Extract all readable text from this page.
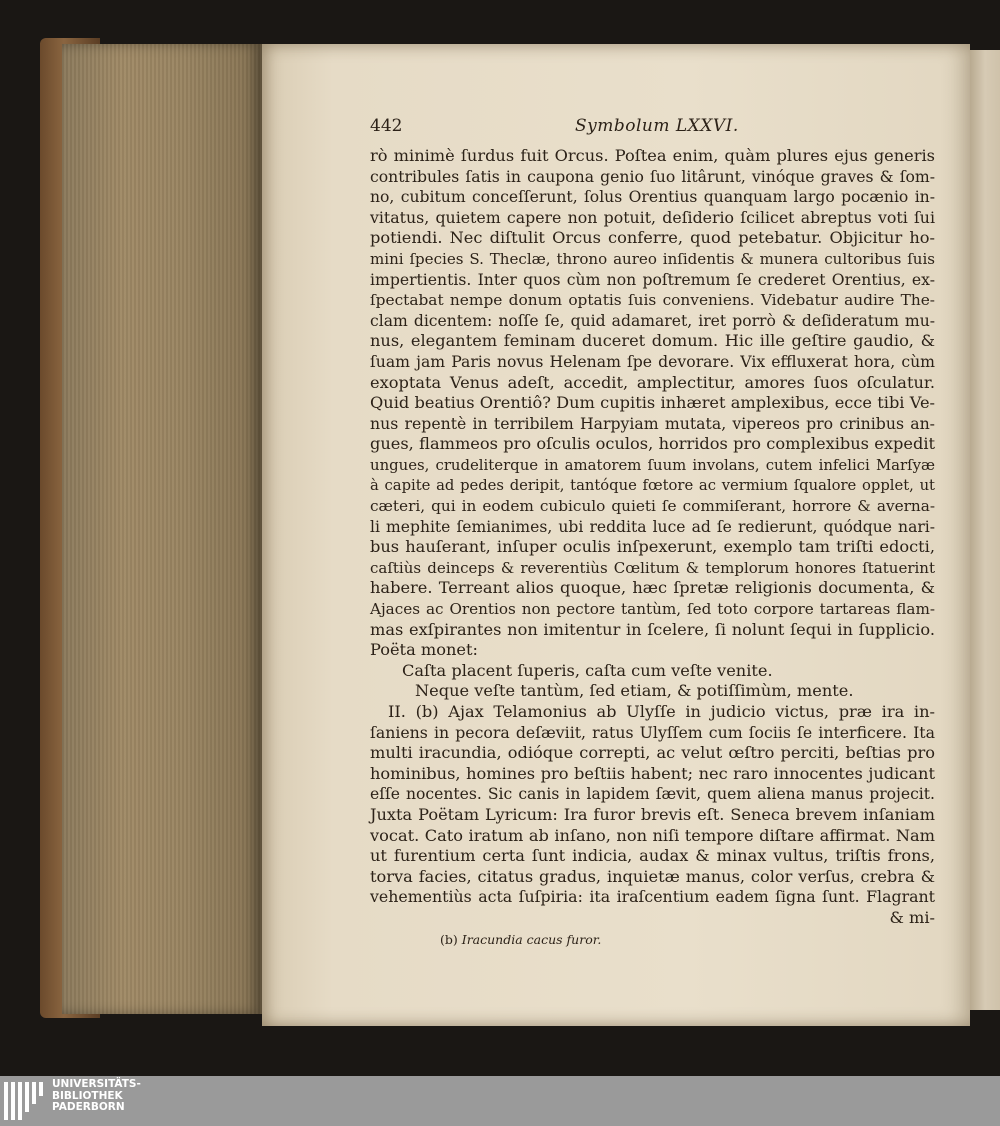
442	Symbolum LXXVI.
rò minimè ſurdus fuit Orcus. Poſtea enim, quàm plures ejus generis
contribules ſatis in caupona genio ſuo litârunt, vinóque graves & ſom-
no, cubitum conceſſerunt, ſolus Orentius quanquam largo pocænio in-
vitatus, quietem capere non potuit, deſiderio ſcilicet abreptus voti ſui
potiendi. Nec diſtulit Orcus conferre, quod petebatur. Objicitur ho-
mini ſpecies S. Theclæ, throno aureo inſidentis & munera cultoribus ſuis
impertientis. Inter quos cùm non poſtremum ſe crederet Orentius, ex-
ſpectabat nempe donum optatis ſuis conveniens. Videbatur audire The-
clam dicentem: noſſe ſe, quid adamaret, iret porrò & deſideratum mu-
nus, elegantem feminam duceret domum. Hic ille geſtire gaudio, &
ſuam jam Paris novus Helenam ſpe devorare. Vix effluxerat hora, cùm
exoptata Venus adeſt, accedit, amplectitur, amores ſuos oſculatur.
Quid beatius Orentiô? Dum cupitis inhæret amplexibus, ecce tibi Ve-
nus repentè in terribilem Harpyiam mutata, vipereos pro crinibus an-
gues, flammeos pro oſculis oculos, horridos pro complexibus expedit
ungues, crudeliterque in amatorem ſuum involans, cutem infelici Marſyæ
à capite ad pedes deripit, tantóque fœtore ac vermium ſqualore opplet, ut
cæteri, qui in eodem cubiculo quieti ſe commiſerant, horrore & averna-
li mephite ſemianimes, ubi reddita luce ad ſe redierunt, quódque nari-
bus hauſerant, inſuper oculis inſpexerunt, exemplo tam triſti edocti,
caſtiùs deinceps & reverentiùs Cœlitum & templorum honores ſtatuerint
habere. Terreant alios quoque, hæc ſpretæ religionis documenta, &
Ajaces ac Orentios non pectore tantùm, ſed toto corpore tartareas flam-
mas exſpirantes non imitentur in ſcelere, ſi nolunt ſequi in ſupplicio.
Poëta monet:
Caſta placent ſuperis, caſta cum veſte venite.
Neque veſte tantùm, ſed etiam, & potiſſimùm, mente.
II. (b) Ajax Telamonius ab Ulyſſe in judicio victus, præ ira in-
ſaniens in pecora deſæviit, ratus Ulyſſem cum ſociis ſe interficere. Ita
multi iracundia, odióque correpti, ac velut œſtro perciti, beſtias pro
hominibus, homines pro beſtiis habent; nec raro innocentes judicant
eſſe nocentes. Sic canis in lapidem ſævit, quem aliena manus projecit.
Juxta Poëtam Lyricum: Ira furor brevis eſt. Seneca brevem inſaniam
vocat. Cato iratum ab inſano, non niſi tempore diſtare affirmat. Nam
ut furentium certa ſunt indicia, audax & minax vultus, triſtis frons,
torva facies, citatus gradus, inquietæ manus, color verſus, crebra &
vehementiùs acta ſuſpiria: ita iraſcentium eadem ſigna ſunt. Flagrant
& mi-
(b) Iracundia cacus furor.
UNIVERSITÄTS-
BIBLIOTHEK
PADERBORN
